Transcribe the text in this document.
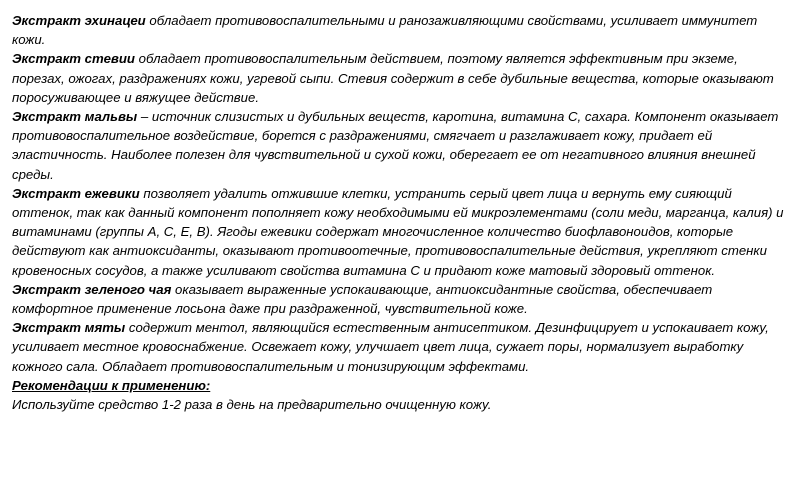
Экстракт эхинацеи обладает противовоспалительными и ранозаживляющими свойствами, усиливает иммунитет кожи.

Экстракт стевии обладает противовоспалительным действием, поэтому является эффективным при экземе, порезах, ожогах, раздражениях кожи, угревой сыпи. Стевия содержит в себе дубильные вещества, которые оказывают поросуживающее и вяжущее действие.

Экстракт мальвы – источник слизистых и дубильных веществ, каротина, витамина С, сахара. Компонент оказывает противовоспалительное воздействие, борется с раздражениями, смягчает и разглаживает кожу, придает ей эластичность. Наиболее полезен для чувствительной и сухой кожи, оберегает ее от негативного влияния внешней среды.

Экстракт ежевики позволяет удалить отжившие клетки, устранить серый цвет лица и вернуть ему сияющий оттенок, так как данный компонент пополняет кожу необходимыми ей микроэлементами (соли меди, марганца, калия) и витаминами (группы А, С, Е, В). Ягоды ежевики содержат многочисленное количество биофлавоноидов, которые действуют как антиоксиданты, оказывают противоотечные, противовоспалительные действия, укрепляют стенки кровеносных сосудов, а также усиливают свойства витамина С и придают коже матовый здоровый оттенок.

Экстракт зеленого чая оказывает выраженные успокаивающие, антиоксидантные свойства, обеспечивает комфортное применение лосьона даже при раздраженной, чувствительной коже.

Экстракт мяты содержит ментол, являющийся естественным антисептиком. Дезинфицирует и успокаивает кожу, усиливает местное кровоснабжение. Освежает кожу, улучшает цвет лица, сужает поры, нормализует выработку кожного сала. Обладает противовоспалительным и тонизирующим эффектами.

Рекомендации к применению:

Используйте средство 1-2 раза в день на предварительно очищенную кожу.
